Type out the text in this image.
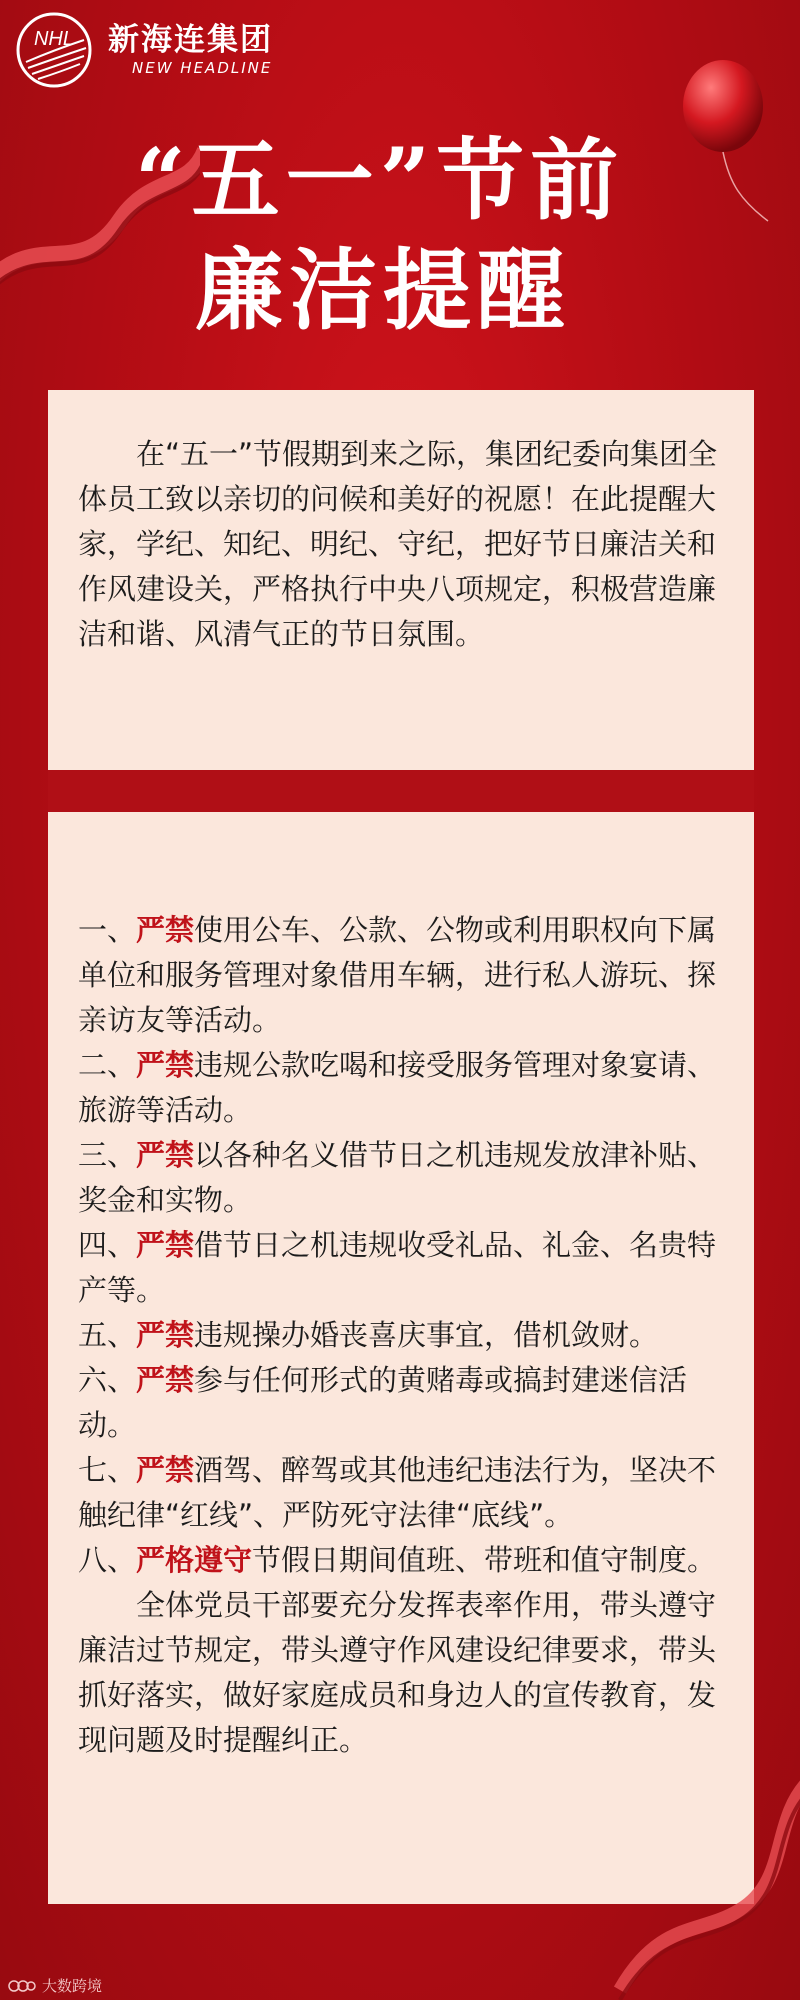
NHL 新海连集团
NEW HEADLINE
“五一”节前
廉洁提醒

在“五一”节假期到来之际，集团纪委向集团全体员工致以亲切的问候和美好的祝愿！在此提醒大家，学纪、知纪、明纪、守纪，把好节日廉洁关和作风建设关，严格执行中央八项规定，积极营造廉洁和谐、风清气正的节日氛围。

一、严禁使用公车、公款、公物或利用职权向下属单位和服务管理对象借用车辆，进行私人游玩、探亲访友等活动。

二、严禁违规公款吃喝和接受服务管理对象宴请、旅游等活动。

三、严禁以各种名义借节日之机违规发放津补贴、奖金和实物。

四、严禁借节日之机违规收受礼品、礼金、名贵特产等。

五、严禁违规操办婚丧喜庆事宜，借机敛财。

六、严禁参与任何形式的黄赌毒或搞封建迷信活动。

七、严禁酒驾、醉驾或其他违纪违法行为，坚决不触纪律“红线”、严防死守法律“底线”。

八、严格遵守节假日期间值班、带班和值守制度。

全体党员干部要充分发挥表率作用，带头遵守廉洁过节规定，带头遵守作风建设纪律要求，带头抓好落实，做好家庭成员和身边人的宣传教育，发现问题及时提醒纠正。

大数跨境
